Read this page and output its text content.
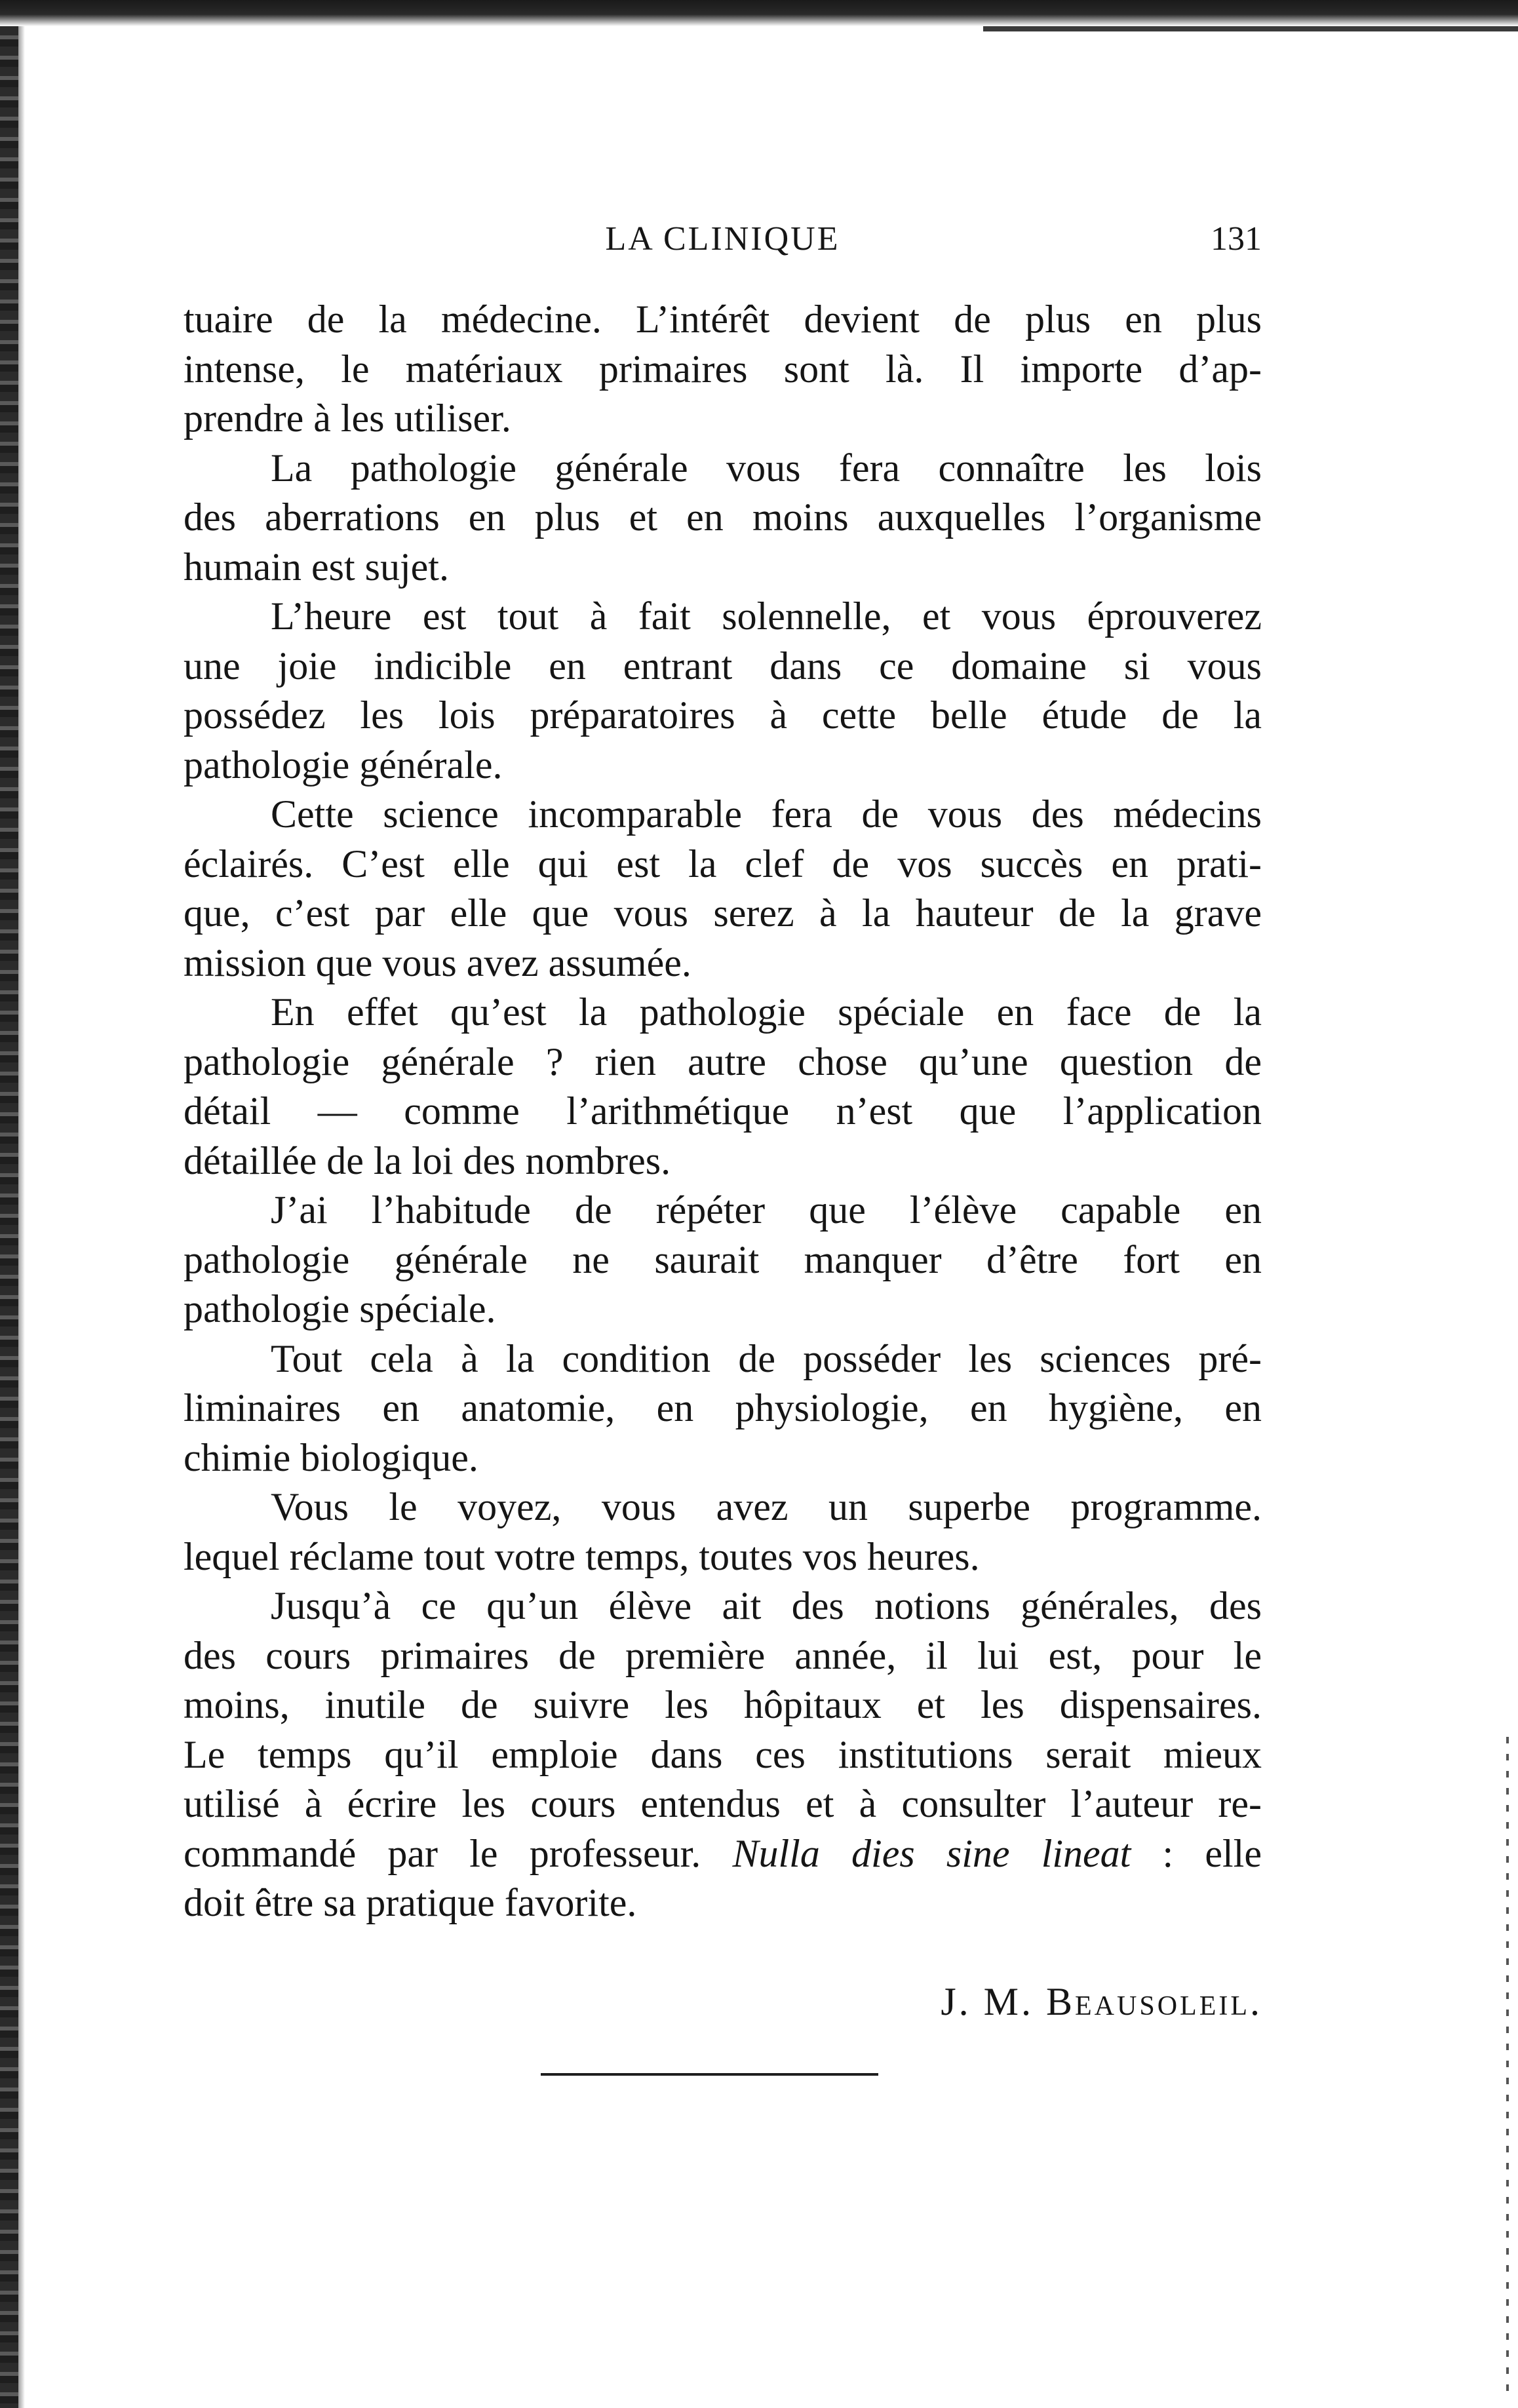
LA CLINIQUE	131
tuaire de la médecine. L’intérêt devient de plus en plus
intense, le matériaux primaires sont là. Il importe d’ap-
prendre à les utiliser.
La pathologie générale vous fera connaître les lois
des aberrations en plus et en moins auxquelles l’organisme
humain est sujet.
L’heure est tout à fait solennelle, et vous éprouverez
une joie indicible en entrant dans ce domaine si vous
possédez les lois préparatoires à cette belle étude de la
pathologie générale.
Cette science incomparable fera de vous des médecins
éclairés. C’est elle qui est la clef de vos succès en prati-
que, c’est par elle que vous serez à la hauteur de la grave
mission que vous avez assumée.
En effet qu’est la pathologie spéciale en face de la
pathologie générale ? rien autre chose qu’une question de
détail — comme l’arithmétique n’est que l’application
détaillée de la loi des nombres.
J’ai l’habitude de répéter que l’élève capable en
pathologie générale ne saurait manquer d’être fort en
pathologie spéciale.
Tout cela à la condition de posséder les sciences pré-
liminaires en anatomie, en physiologie, en hygiène, en
chimie biologique.
Vous le voyez, vous avez un superbe programme.
lequel réclame tout votre temps, toutes vos heures.
Jusqu’à ce qu’un élève ait des notions générales, des
des cours primaires de première année, il lui est, pour le
moins, inutile de suivre les hôpitaux et les dispensaires.
Le temps qu’il emploie dans ces institutions serait mieux
utilisé à écrire les cours entendus et à consulter l’auteur re-
commandé par le professeur. Nulla dies sine lineat : elle
doit être sa pratique favorite.
J. M. Beausoleil.
